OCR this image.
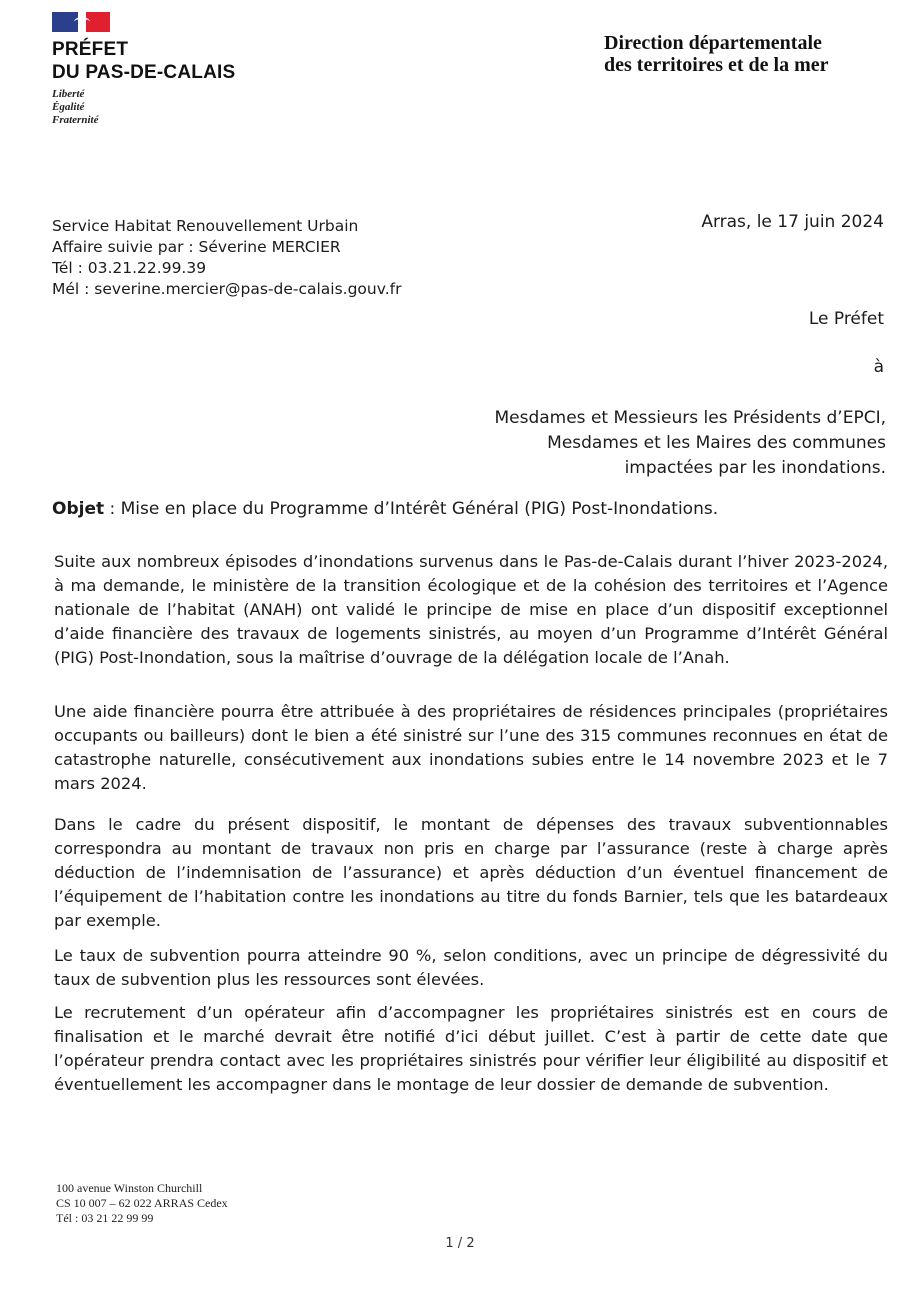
PRÉFET
DU PAS-DE-CALAIS
Liberté
Égalité
Fraternité
Direction départementale
des territoires et de la mer
Service Habitat Renouvellement Urbain
Affaire suivie par : Séverine MERCIER
Tél : 03.21.22.99.39
Mél : severine.mercier@pas-de-calais.gouv.fr
Arras, le 17 juin 2024
Le Préfet
à
Mesdames et Messieurs les Présidents d’EPCI, Mesdames et les Maires des communes impactées par les inondations.
Objet : Mise en place du Programme d’Intérêt Général (PIG) Post-Inondations.

Suite aux nombreux épisodes d’inondations survenus dans le Pas-de-Calais durant l’hiver 2023-2024, à ma demande, le ministère de la transition écologique et de la cohésion des territoires et l’Agence nationale de l’habitat (ANAH) ont validé le principe de mise en place d’un dispositif exceptionnel d’aide financière des travaux de logements sinistrés, au moyen d’un Programme d’Intérêt Général (PIG) Post-Inondation, sous la maîtrise d’ouvrage de la délégation locale de l’Anah.

Une aide financière pourra être attribuée à des propriétaires de résidences principales (propriétaires occupants ou bailleurs) dont le bien a été sinistré sur l’une des 315 communes reconnues en état de catastrophe naturelle, consécutivement aux inondations subies entre le 14 novembre 2023 et le 7 mars 2024.

Dans le cadre du présent dispositif, le montant de dépenses des travaux subventionnables correspondra au montant de travaux non pris en charge par l’assurance (reste à charge après déduction de l’indemnisation de l’assurance) et après déduction d’un éventuel financement de l’équipement de l’habitation contre les inondations au titre du fonds Barnier, tels que les batardeaux par exemple.

Le taux de subvention pourra atteindre 90 %, selon conditions, avec un principe de dégressivité du taux de subvention plus les ressources sont élevées.

Le recrutement d’un opérateur afin d’accompagner les propriétaires sinistrés est en cours de finalisation et le marché devrait être notifié d’ici début juillet. C’est à partir de cette date que l’opérateur prendra contact avec les propriétaires sinistrés pour vérifier leur éligibilité au dispositif et éventuellement les accompagner dans le montage de leur dossier de demande de subvention.

100 avenue Winston Churchill
CS 10 007 – 62 022 ARRAS Cedex
Tél : 03 21 22 99 99
1 / 2
